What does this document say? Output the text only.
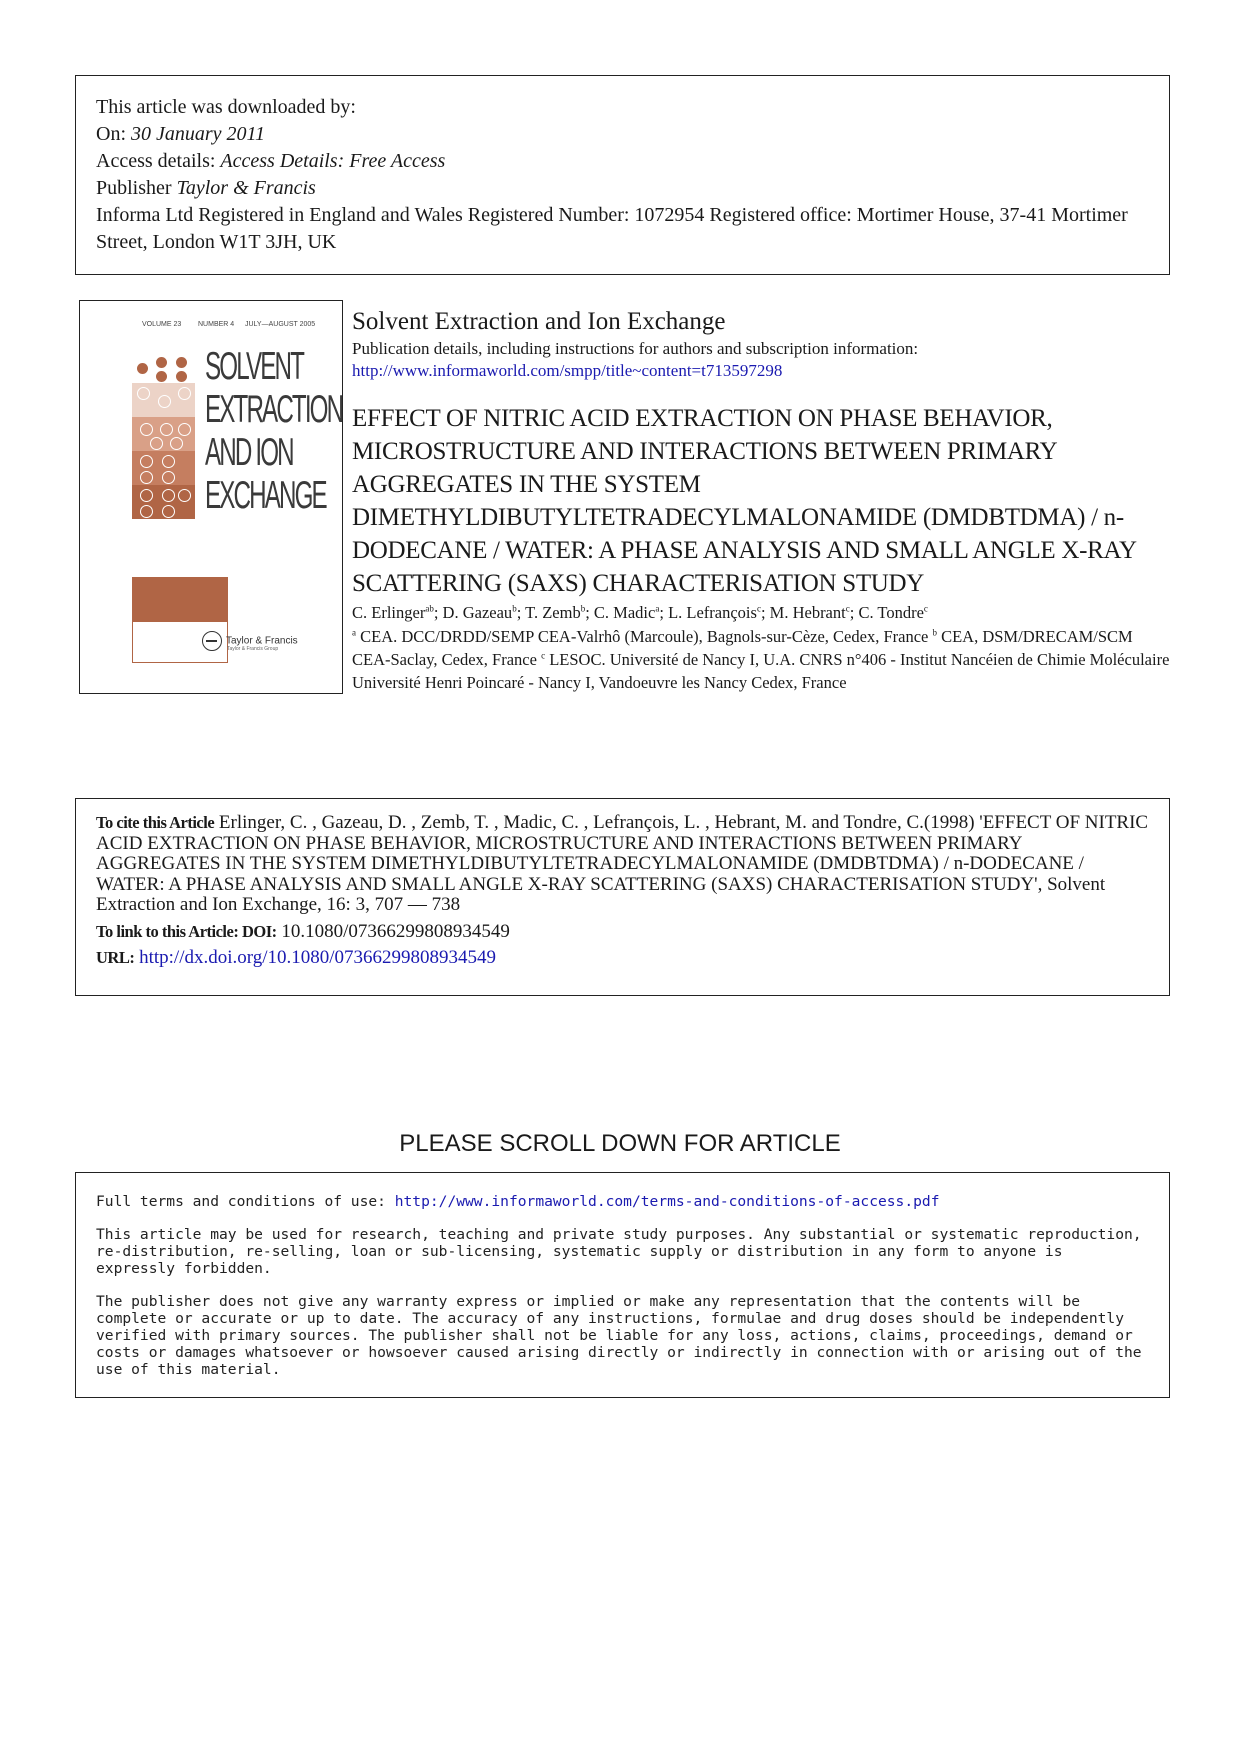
This article was downloaded by:
On: 30 January 2011
Access details: Access Details: Free Access
Publisher Taylor & Francis
Informa Ltd Registered in England and Wales Registered Number: 1072954 Registered office: Mortimer House, 37-41 Mortimer Street, London W1T 3JH, UK
VOLUME 23 NUMBER 4 JULY—AUGUST 2005
SOLVENT
EXTRACTION
AND ION
EXCHANGE
Taylor & Francis
Taylor & Francis Group
Solvent Extraction and Ion Exchange
Publication details, including instructions for authors and subscription information:
http://www.informaworld.com/smpp/title~content=t713597298
EFFECT OF NITRIC ACID EXTRACTION ON PHASE BEHAVIOR, MICROSTRUCTURE AND INTERACTIONS BETWEEN PRIMARY AGGREGATES IN THE SYSTEM DIMETHYLDIBUTYLTETRADECYLMALONAMIDE (DMDBTDMA) / n-DODECANE / WATER: A PHASE ANALYSIS AND SMALL ANGLE X-RAY SCATTERING (SAXS) CHARACTERISATION STUDY
C. Erlinger$^{ab}$; D. Gazeau$^b$; T. Zemb$^b$; C. Madic$^a$; L. Lefrançois$^c$; M. Hebrant$^c$; C. Tondre$^c$
$^a$ CEA. DCC/DRDD/SEMP CEA-Valrhô (Marcoule), Bagnols-sur-Cèze, Cedex, France $^b$ CEA, DSM/DRECAM/SCM CEA-Saclay, Cedex, France $^c$ LESOC. Université de Nancy I, U.A. CNRS n°406 - Institut Nancéien de Chimie Moléculaire Université Henri Poincaré - Nancy I, Vandoeuvre les Nancy Cedex, France

To cite this Article Erlinger, C. , Gazeau, D. , Zemb, T. , Madic, C. , Lefrançois, L. , Hebrant, M. and Tondre, C.(1998) 'EFFECT OF NITRIC ACID EXTRACTION ON PHASE BEHAVIOR, MICROSTRUCTURE AND INTERACTIONS BETWEEN PRIMARY AGGREGATES IN THE SYSTEM DIMETHYLDIBUTYLTETRADECYLMALONAMIDE (DMDBTDMA) / n-DODECANE / WATER: A PHASE ANALYSIS AND SMALL ANGLE X-RAY SCATTERING (SAXS) CHARACTERISATION STUDY', Solvent Extraction and Ion Exchange, 16: 3, 707 — 738

To link to this Article: DOI: 10.1080/07366299808934549

URL: http://dx.doi.org/10.1080/07366299808934549

PLEASE SCROLL DOWN FOR ARTICLE

Full terms and conditions of use: http://www.informaworld.com/terms-and-conditions-of-access.pdf

This article may be used for research, teaching and private study purposes. Any substantial or systematic reproduction, re-distribution, re-selling, loan or sub-licensing, systematic supply or distribution in any form to anyone is expressly forbidden.

The publisher does not give any warranty express or implied or make any representation that the contents will be complete or accurate or up to date. The accuracy of any instructions, formulae and drug doses should be independently verified with primary sources. The publisher shall not be liable for any loss, actions, claims, proceedings, demand or costs or damages whatsoever or howsoever caused arising directly or indirectly in connection with or arising out of the use of this material.
